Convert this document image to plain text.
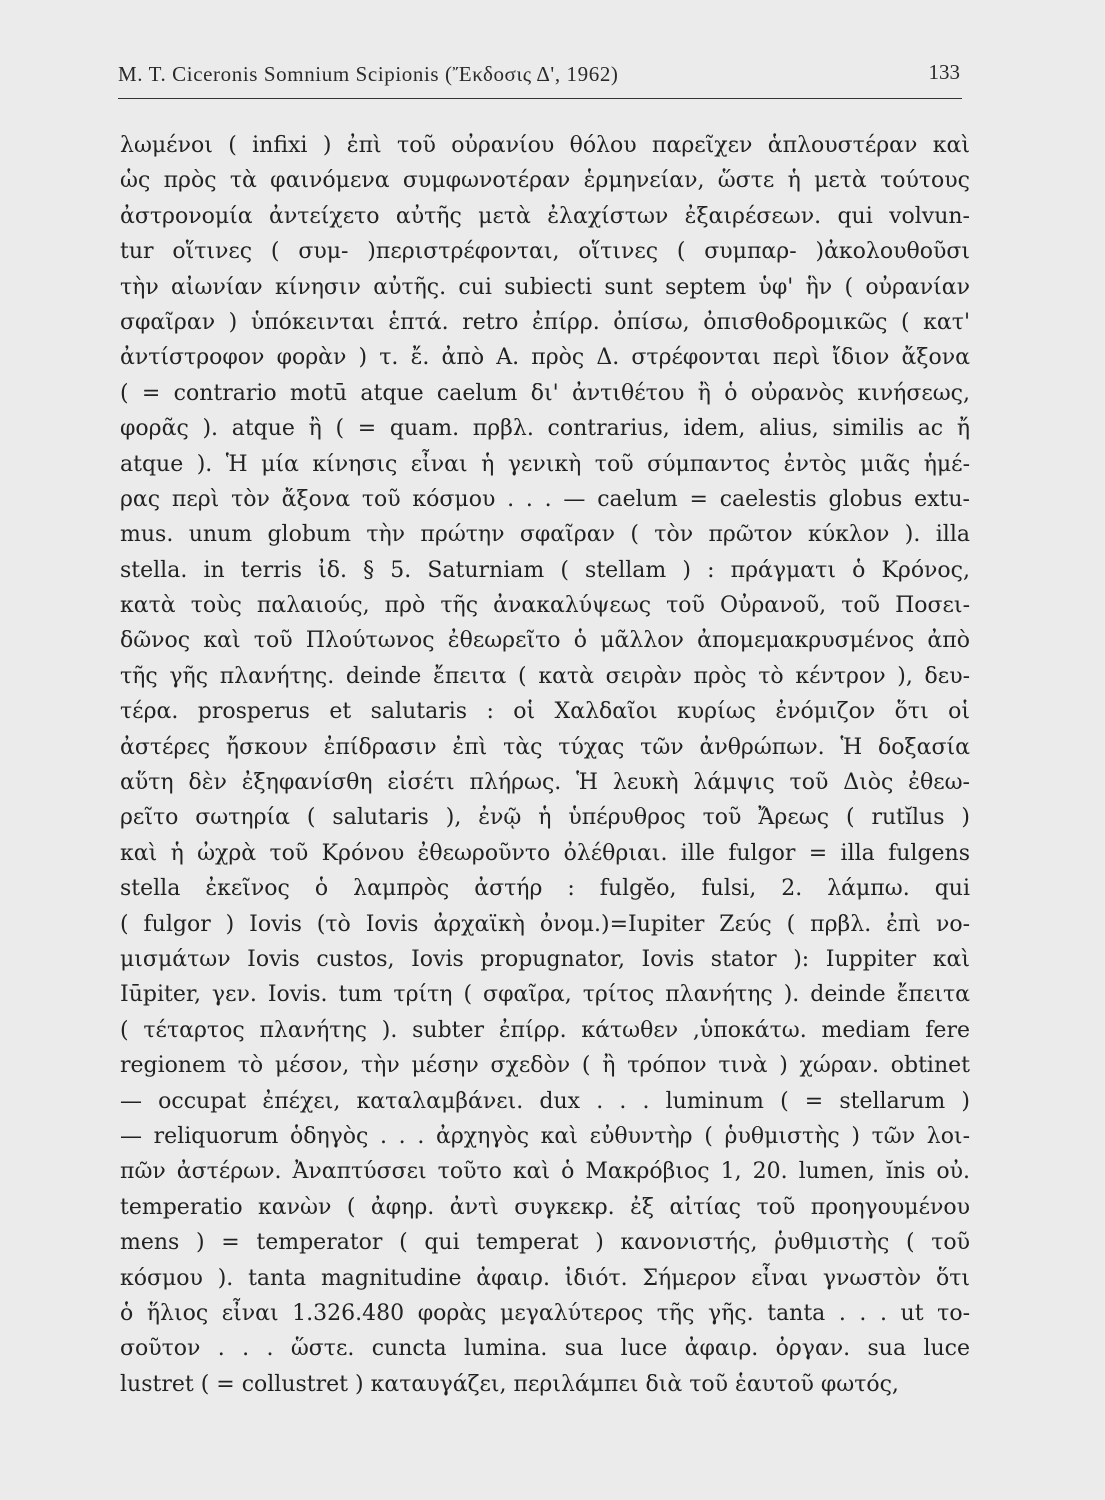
M. T. Ciceronis Somnium Scipionis (Ἔκδοσις Δ', 1962)	133
λωμένοι ( infixi ) ἐπὶ τοῦ οὐρανίου θόλου παρεῖχεν ἁπλουστέραν καὶ
ὡς πρὸς τὰ φαινόμενα συμφωνοτέραν ἑρμηνείαν, ὥστε ἡ μετὰ τούτους
ἀστρονομία ἀντείχετο αὐτῆς μετὰ ἐλαχίστων ἐξαιρέσεων. qui volvun-
tur οἵτινες ( συμ- )περιστρέφονται, οἵτινες ( συμπαρ- )ἀκολουθοῦσι
τὴν αἰωνίαν κίνησιν αὐτῆς. cui subiecti sunt septem ὑφ' ἣν ( οὐρανίαν
σφαῖραν ) ὑπόκεινται ἑπτά. retro ἐπίρρ. ὀπίσω, ὀπισθοδρομικῶς ( κατ'
ἀντίστροφον φορὰν ) τ. ἔ. ἀπὸ Α. πρὸς Δ. στρέφονται περὶ ἴδιον ἄξονα
( = contrario motū atque caelum δι' ἀντιθέτου ἢ ὁ οὐρανὸς κινήσεως,
φορᾶς ). atque ἢ ( = quam. πρβλ. contrarius, idem, alius, similis ac ἤ
atque ). Ἡ μία κίνησις εἶναι ἡ γενικὴ τοῦ σύμπαντος ἐντὸς μιᾶς ἡμέ-
ρας περὶ τὸν ἄξονα τοῦ κόσμου . . . — caelum = caelestis globus extu-
mus. unum globum τὴν πρώτην σφαῖραν ( τὸν πρῶτον κύκλον ). illa
stella. in terris ἰδ. § 5. Saturniam ( stellam ) : πράγματι ὁ Κρόνος,
κατὰ τοὺς παλαιούς, πρὸ τῆς ἀνακαλύψεως τοῦ Οὐρανοῦ, τοῦ Ποσει-
δῶνος καὶ τοῦ Πλούτωνος ἐθεωρεῖτο ὁ μᾶλλον ἀπομεμακρυσμένος ἀπὸ
τῆς γῆς πλανήτης. deinde ἔπειτα ( κατὰ σειρὰν πρὸς τὸ κέντρον ), δευ-
τέρα. prosperus et salutaris : οἱ Χαλδαῖοι κυρίως ἐνόμιζον ὅτι οἱ
ἀστέρες ἤσκουν ἐπίδρασιν ἐπὶ τὰς τύχας τῶν ἀνθρώπων. Ἡ δοξασία
αὕτη δὲν ἐξηφανίσθη εἰσέτι πλήρως. Ἡ λευκὴ λάμψις τοῦ Διὸς ἐθεω-
ρεῖτο σωτηρία ( salutaris ), ἐνῷ ἡ ὑπέρυθρος τοῦ Ἄρεως ( rutĭlus )
καὶ ἡ ὠχρὰ τοῦ Κρόνου ἐθεωροῦντο ὀλέθριαι. ille fulgor = illa fulgens
stella ἐκεῖνος ὁ λαμπρὸς ἀστήρ : fulgĕo, fulsi, 2. λάμπω. qui
( fulgor ) Iovis (τὸ Iovis ἀρχαϊκὴ ὀνομ.)=Iupiter Ζεύς ( πρβλ. ἐπὶ νο-
μισμάτων Iovis custos, Iovis propugnator, Iovis stator ): Iuppiter καὶ
Iūpiter, γεν. Iovis. tum τρίτη ( σφαῖρα, τρίτος πλανήτης ). deinde ἔπειτα
( τέταρτος πλανήτης ). subter ἐπίρρ. κάτωθεν ,ὑποκάτω. mediam fere
regionem τὸ μέσον, τὴν μέσην σχεδὸν ( ἢ τρόπον τινὰ ) χώραν. obtinet
— occupat ἐπέχει, καταλαμβάνει. dux . . . luminum ( = stellarum )
— reliquorum ὁδηγὸς . . . ἀρχηγὸς καὶ εὐθυντὴρ ( ῥυθμιστὴς ) τῶν λοι-
πῶν ἀστέρων. Ἀναπτύσσει τοῦτο καὶ ὁ Μακρόβιος 1, 20. lumen, ĭnis οὐ.
temperatio κανὼν ( ἀφηρ. ἀντὶ συγκεκρ. ἐξ αἰτίας τοῦ προηγουμένου
mens ) = temperator ( qui temperat ) κανονιστής, ῥυθμιστὴς ( τοῦ
κόσμου ). tanta magnitudine ἀφαιρ. ἰδιότ. Σήμερον εἶναι γνωστὸν ὅτι
ὁ ἥλιος εἶναι 1.326.480 φορὰς μεγαλύτερος τῆς γῆς. tanta . . . ut το-
σοῦτον . . . ὥστε. cuncta lumina. sua luce ἀφαιρ. ὀργαν. sua luce
lustret ( = collustret ) καταυγάζει, περιλάμπει διὰ τοῦ ἑαυτοῦ φωτός,
